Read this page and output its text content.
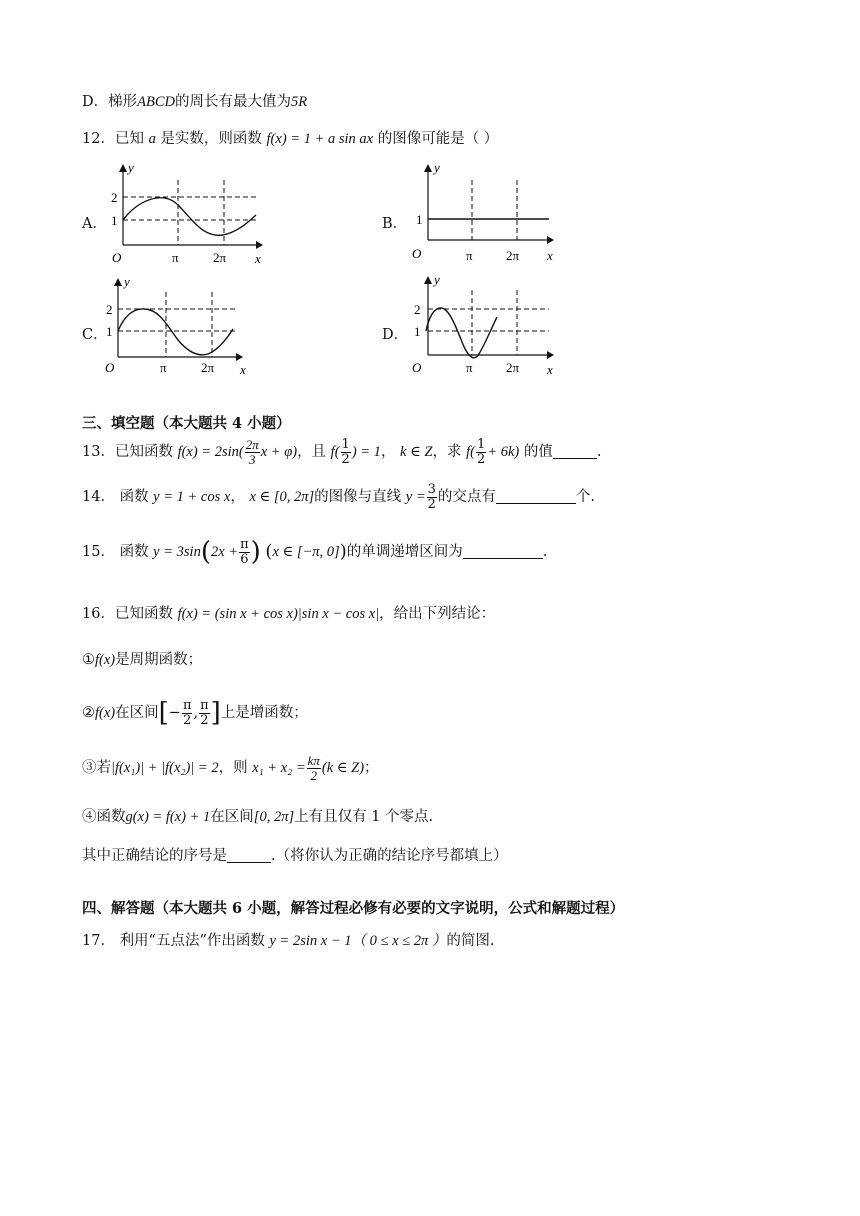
D．梯形ABCD的周长有最大值为5R
12．已知 a 是实数，则函数 f(x) = 1 + a sin ax 的图像可能是（ ）
A．
y
x
O
2
1
π	2π
B．
y
x
O
1
π	2π
C．
y
x
O
2
1
π	2π
D．
y
x
O
2
1
π	2π
三、填空题（本大题共 4 小题）
13．已知函数 $f(x) = 2\sin( \frac{2\pi}{3}$ x + φ)，且 $f( \frac{1}{2}$ ) = 1， k ∈ Z，求 $f( \frac{1}{2} + 6k)$ 的值	.
14． 函数 y = 1 + cos x， x ∈ [0, 2π]的图像与直线 $y = \frac{3}{2}$ 的交点有	个.
15． 函数 $y = 3\sin(2x + \frac{\pi}{6}$ ) (x ∈ [−π, 0])的单调递增区间为	.
16．已知函数 f(x) = (sin x + cos x)|sin x − cos x|，给出下列结论：
①f(x)是周期函数；
②f(x)在区间[− $\frac{\pi}{2}$ , $\frac{\pi}{2}$ ]上是增函数；
③若|f(x₁)| + |f(x₂)| = 2，则 $x_1 + x_2 = \frac{k\pi}{2} (k$ ∈ Z)；
④函数g(x) = f(x) + 1在区间[0, 2π]上有且仅有 1 个零点.
其中正确结论的序号是	.（将你认为正确的结论序号都填上）
四、解答题（本大题共 6 小题，解答过程必修有必要的文字说明，公式和解题过程）
17． 利用“五点法”作出函数 y = 2sin x − 1（ 0 ≤ x ≤ 2π ）的简图.
